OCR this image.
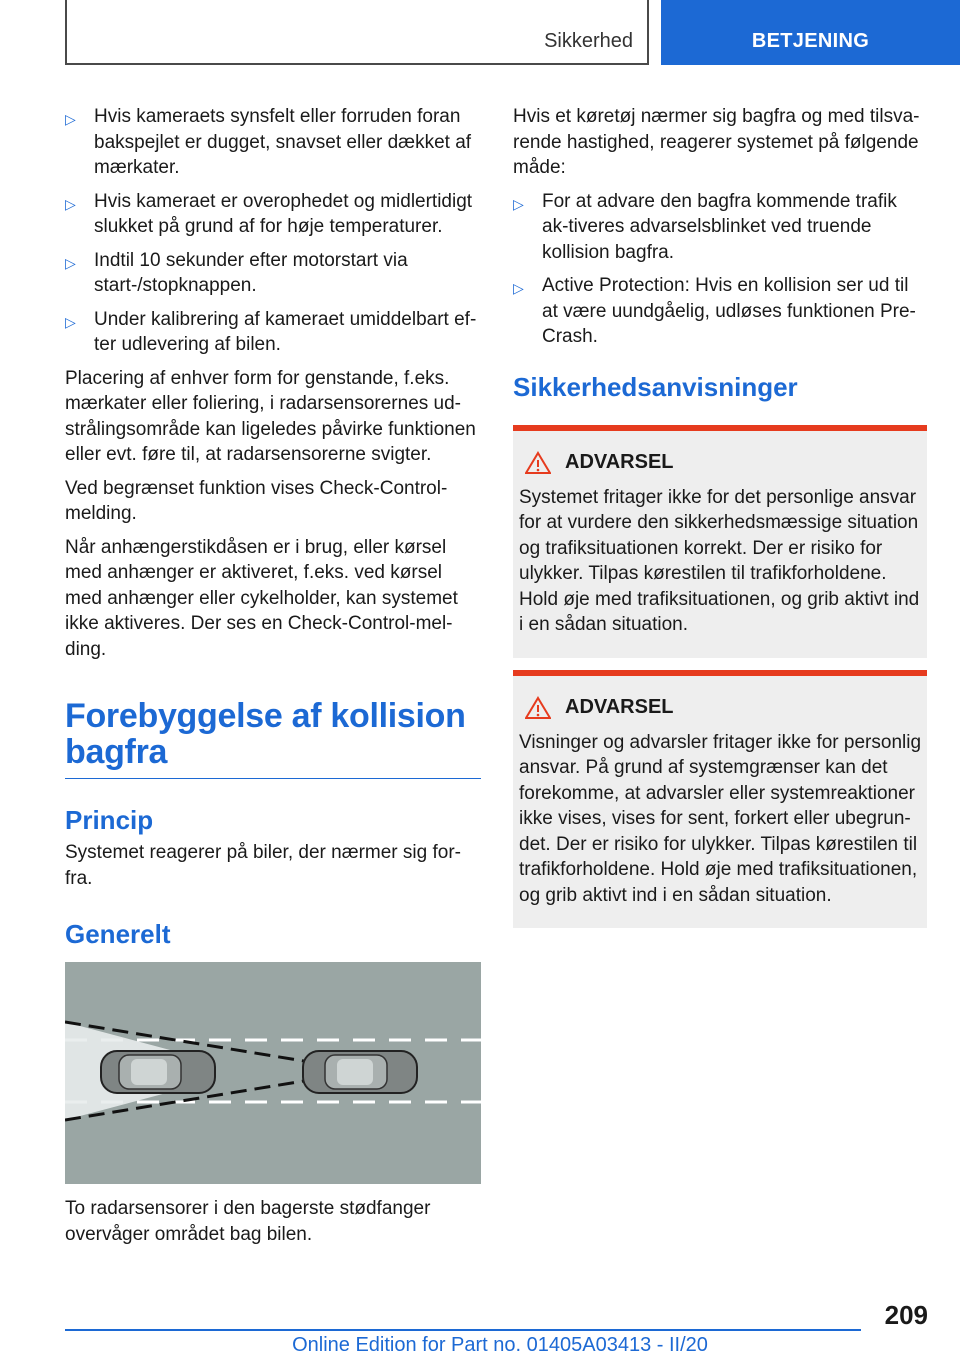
Sikkerhed	BETJENING
▷ Hvis kameraets synsfelt eller forruden foran bakspejlet er dugget, snavset eller dækket af mærkater.
▷ Hvis kameraet er overophedet og midlertidigt slukket på grund af for høje temperaturer.
▷ Indtil 10 sekunder efter motorstart via start-/stopknappen.
▷ Under kalibrering af kameraet umiddelbart ef-ter udlevering af bilen.

Placering af enhver form for genstande, f.eks. mærkater eller foliering, i radarsensorernes ud-strålingsområde kan ligeledes påvirke funktionen eller evt. føre til, at radarsensorerne svigter.

Ved begrænset funktion vises Check-Control-melding.

Når anhængerstikdåsen er i brug, eller kørsel med anhænger er aktiveret, f.eks. ved kørsel med anhænger eller cykelholder, kan systemet ikke aktiveres. Der ses en Check-Control-mel-ding.

Forebyggelse af kollision bagfra
Princip

Systemet reagerer på biler, der nærmer sig for-fra.

Generelt

To radarsensorer i den bagerste stødfanger overvåger området bag bilen.

Hvis et køretøj nærmer sig bagfra og med tilsva-rende hastighed, reagerer systemet på følgende måde:

▷ For at advare den bagfra kommende trafik ak-tiveres advarselsblinket ved truende kollision bagfra.
▷ Active Protection: Hvis en kollision ser ud til at være uundgåelig, udløses funktionen Pre-Crash.
Sikkerhedsanvisninger
ADVARSEL

Systemet fritager ikke for det personlige ansvar for at vurdere den sikkerhedsmæssige situation og trafiksituationen korrekt. Der er risiko for ulykker. Tilpas kørestilen til trafikforholdene. Hold øje med trafiksituationen, og grib aktivt ind i en sådan situation.

ADVARSEL

Visninger og advarsler fritager ikke for personlig ansvar. På grund af systemgrænser kan det forekomme, at advarsler eller systemreaktioner ikke vises, vises for sent, forkert eller ubegrun-det. Der er risiko for ulykker. Tilpas kørestilen til trafikforholdene. Hold øje med trafiksituationen, og grib aktivt ind i en sådan situation.

209
Online Edition for Part no. 01405A03413 - II/20
